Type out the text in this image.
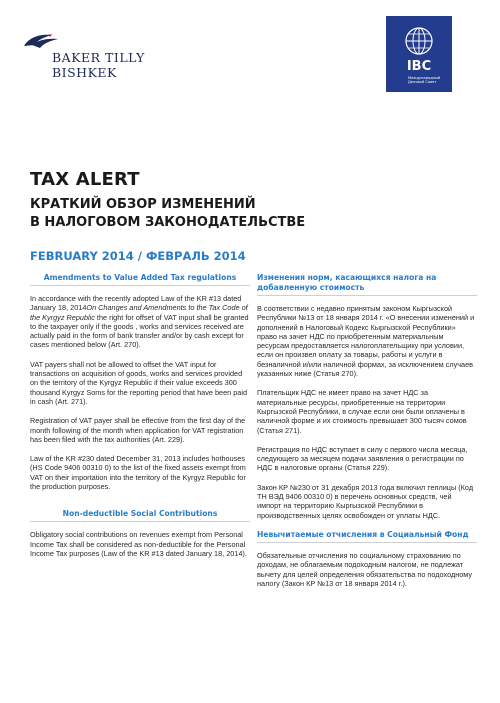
BAKER TILLY
BISHKEK	IBC
Международный Деловой Совет
TAX ALERT
КРАТКИЙ ОБЗОР ИЗМЕНЕНИЙ
В НАЛОГОВОМ ЗАКОНОДАТЕЛЬСТВЕ
FEBRUARY 2014 / ФЕВРАЛЬ 2014
Amendments to Value Added Tax regulations
In accordance with the recently adopted Law of the KR #13 dated January 18, 2014On Changes and Amendments to the Tax Code of the Kyrgyz Republic the right for offset of VAT input shall be granted to the taxpayer only if the goods , works and services received are actually paid in the form of bank transfer and/or by cash except for cases mentioned below (Art. 270).
VAT payers shall not be allowed to offset the VAT input for transactions on acquisition of goods, works and services provided on the territory of the Kyrgyz Republic if their value exceeds 300 thousand Kyrgyz Soms for the reporting period that have been paid in cash (Art. 271).
Registration of VAT payer shall be effective from the first day of the month following of the month when application for VAT registration has been filed with the tax authorities (Art. 229).
Law of the KR #230 dated December 31, 2013 includes hothouses (HS Code 9406 00310 0) to the list of the fixed assets exempt from VAT on their importation into the territory of the Kyrgyz Republic for the production purposes.
Non-deductible Social Contributions
Obligatory social contributions on revenues exempt from Personal Income Tax shall be considered as non-deductible for the Personal Income Tax purposes (Law of the KR #13 dated January 18, 2014).
Изменения норм, касающихся налога на добавленную стоимость
В соответствии с недавно принятым законом Кыргызской Республики №13 от 18 января 2014 г. «О внесении изменений и дополнений в Налоговый Кодекс Кыргызской Республики» право на зачет НДС по приобретенным материальным ресурсам предоставляется налогоплательщику при условии, если он произвел оплату за товары, работы и услуги в безналичной и/или наличной формах, за исключением случаев указанных ниже (Статья 270).
Плательщик НДС не имеет право на зачет НДС за материальные ресурсы, приобретенные на территории Кыргызской Республики, в случае если они были оплачены в наличной форме и их стоимость превышает 300 тысяч сомов (Статья 271).
Регистрация по НДС вступает в силу с первого числа месяца, следующего за месяцем подачи заявления о регистрации по НДС в налоговые органы (Статья 229).
Закон КР №230 от 31 декабря 2013 года включил теплицы (Код ТН ВЭД 9406 00310 0) в перечень основных средств, чей импорт на территорию Кыргызской Республики в производственных целях освобожден от уплаты НДС.
Невычитаемые отчисления в Социальный Фонд
Обязательные отчисления по социальному страхованию по доходам, не облагаемым подоходным налогом, не подлежат вычету для целей определения обязательства по подоходному налогу (Закон КР №13 от 18 января 2014 г.).
